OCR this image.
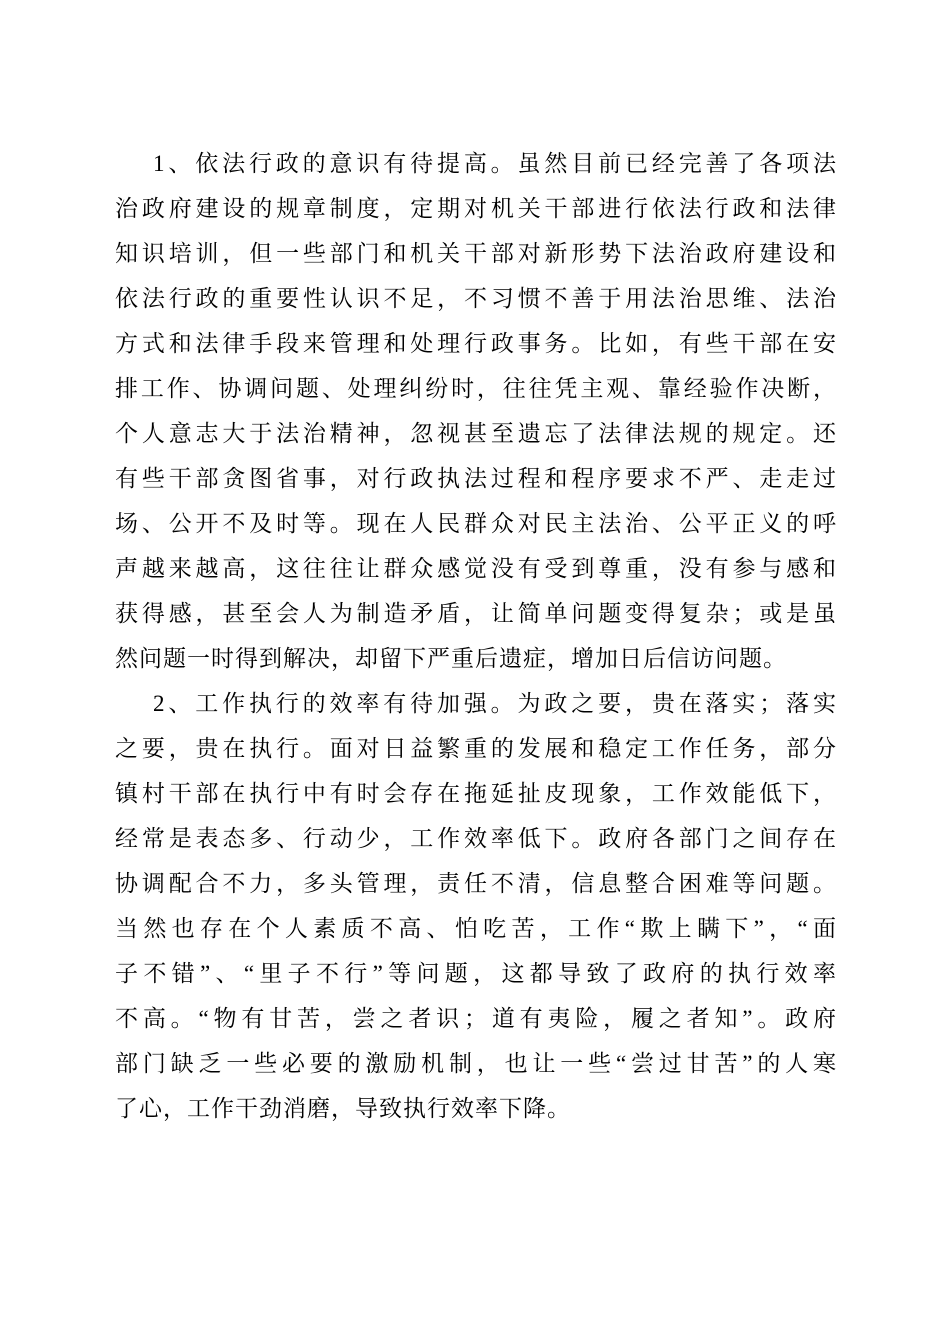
1、依法行政的意识有待提高。虽然目前已经完善了各项法
治政府建设的规章制度，定期对机关干部进行依法行政和法律
知识培训，但一些部门和机关干部对新形势下法治政府建设和
依法行政的重要性认识不足，不习惯不善于用法治思维、法治
方式和法律手段来管理和处理行政事务。比如，有些干部在安
排工作、协调问题、处理纠纷时，往往凭主观、靠经验作决断，
个人意志大于法治精神，忽视甚至遗忘了法律法规的规定。还
有些干部贪图省事，对行政执法过程和程序要求不严、走走过
场、公开不及时等。现在人民群众对民主法治、公平正义的呼
声越来越高，这往往让群众感觉没有受到尊重，没有参与感和
获得感，甚至会人为制造矛盾，让简单问题变得复杂；或是虽
然问题一时得到解决，却留下严重后遗症，增加日后信访问题。
2、工作执行的效率有待加强。为政之要，贵在落实；落实
之要，贵在执行。面对日益繁重的发展和稳定工作任务，部分
镇村干部在执行中有时会存在拖延扯皮现象，工作效能低下，
经常是表态多、行动少，工作效率低下。政府各部门之间存在
协调配合不力，多头管理，责任不清，信息整合困难等问题。
当然也存在个人素质不高、怕吃苦，工作“欺上瞒下”，“面
子不错”、“里子不行”等问题，这都导致了政府的执行效率
不高。“物有甘苦，尝之者识；道有夷险，履之者知”。政府
部门缺乏一些必要的激励机制，也让一些“尝过甘苦”的人寒
了心，工作干劲消磨，导致执行效率下降。
